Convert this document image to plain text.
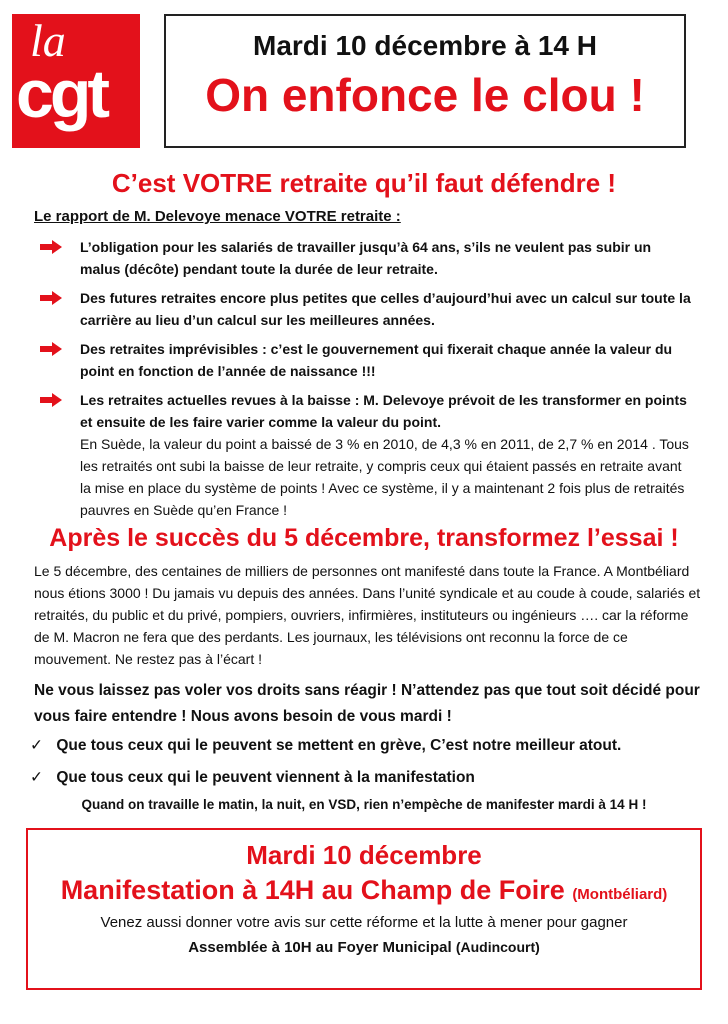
la
cgt
Mardi 10 décembre à 14 H
On enfonce le clou !
C’est VOTRE retraite qu’il faut défendre !
Le rapport de M. Delevoye menace VOTRE retraite :
L’obligation pour les salariés de travailler jusqu’à 64 ans, s’ils ne veulent pas subir un malus (décôte) pendant toute la durée de leur retraite.
Des futures retraites encore plus petites que celles d’aujourd’hui avec un calcul sur toute la carrière au lieu d’un calcul sur les meilleures années.
Des retraites imprévisibles : c’est le gouvernement qui fixerait chaque année la valeur du point en fonction de l’année de naissance !!!
Les retraites actuelles revues à la baisse : M. Delevoye prévoit de les transformer en points et ensuite de les faire varier comme la valeur du point.
En Suède, la valeur du point a baissé de 3 % en 2010, de 4,3 % en 2011, de 2,7 % en 2014 . Tous les retraités ont subi la baisse de leur retraite, y compris ceux qui étaient passés en retraite avant la mise en place du système de points ! Avec ce système, il y a maintenant 2 fois plus de retraités pauvres en Suède qu’en France !
Après le succès du 5 décembre, transformez l’essai !
Le 5 décembre, des centaines de milliers de personnes ont manifesté dans toute la France. A Montbéliard nous étions 3000 ! Du jamais vu depuis des années. Dans l’unité syndicale et au coude à coude, salariés et retraités, du public et du privé, pompiers, ouvriers, infirmières, instituteurs ou ingénieurs …. car la réforme de M. Macron ne fera que des perdants. Les journaux, les télévisions ont reconnu la force de ce mouvement. Ne restez pas à l’écart !
Ne vous laissez pas voler vos droits sans réagir ! N’attendez pas que tout soit décidé pour vous faire entendre ! Nous avons besoin de vous mardi !
✓ Que tous ceux qui le peuvent se mettent en grève, C’est notre meilleur atout.
✓ Que tous ceux qui le peuvent viennent à la manifestation
Quand on travaille le matin, la nuit, en VSD, rien n’empèche de manifester mardi à 14 H !
Mardi 10 décembre
Manifestation à 14H au Champ de Foire (Montbéliard)
Venez aussi donner votre avis sur cette réforme et la lutte à mener pour gagner
Assemblée à 10H au Foyer Municipal (Audincourt)
